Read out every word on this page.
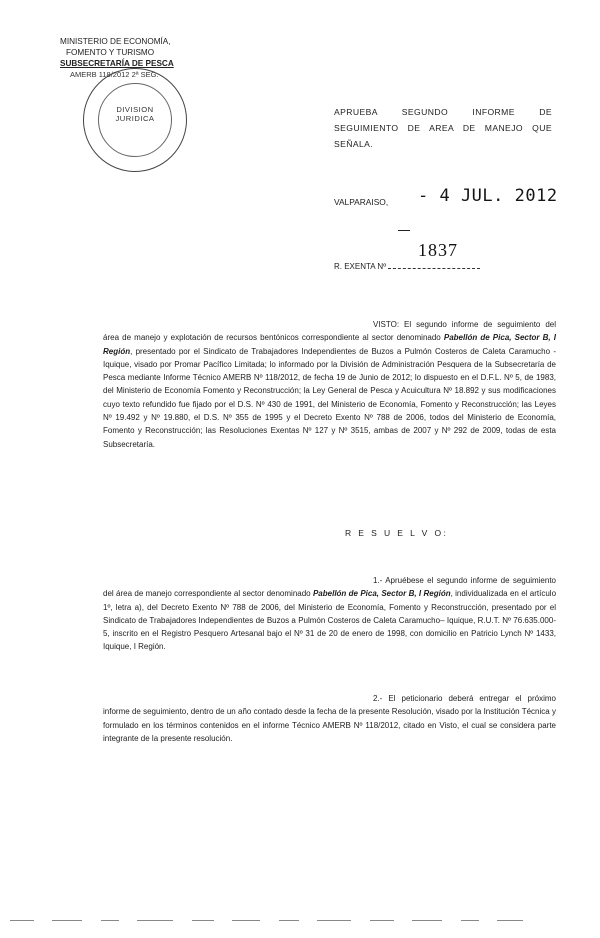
MINISTERIO DE ECONOMÍA,
FOMENTO Y TURISMO
SUBSECRETARÍA DE PESCA
AMERB 118/2012 2ª SEG.
DIVISION
JURIDICA
APRUEBA SEGUNDO INFORME DE SEGUIMIENTO DE AREA DE MANEJO QUE SEÑALA.
VALPARAISO, - 4 JUL. 2012
1837
R. EXENTA Nº
VISTO: El segundo informe de seguimiento del área de manejo y explotación de recursos bentónicos correspondiente al sector denominado Pabellón de Pica, Sector B, I Región, presentado por el Sindicato de Trabajadores Independientes de Buzos a Pulmón Costeros de Caleta Caramucho - Iquique, visado por Promar Pacífico Limitada; lo informado por la División de Administración Pesquera de la Subsecretaría de Pesca mediante Informe Técnico AMERB Nº 118/2012, de fecha 19 de Junio de 2012; lo dispuesto en el D.F.L. Nº 5, de 1983, del Ministerio de Economía Fomento y Reconstrucción; la Ley General de Pesca y Acuicultura Nº 18.892 y sus modificaciones cuyo texto refundido fue fijado por el D.S. Nº 430 de 1991, del Ministerio de Economía, Fomento y Reconstrucción; las Leyes Nº 19.492 y Nº 19.880, el D.S. Nº 355 de 1995 y el Decreto Exento Nº 788 de 2006, todos del Ministerio de Economía, Fomento y Reconstrucción; las Resoluciones Exentas Nº 127 y Nº 3515, ambas de 2007 y Nº 292 de 2009, todas de esta Subsecretaría.
R E S U E L V O:
1.- Apruébese el segundo informe de seguimiento del área de manejo correspondiente al sector denominado Pabellón de Pica, Sector B, I Región, individualizada en el artículo 1º, letra a), del Decreto Exento Nº 788 de 2006, del Ministerio de Economía, Fomento y Reconstrucción, presentado por el Sindicato de Trabajadores Independientes de Buzos a Pulmón Costeros de Caleta Caramucho– Iquique, R.U.T. Nº 76.635.000-5, inscrito en el Registro Pesquero Artesanal bajo el Nº 31 de 20 de enero de 1998, con domicilio en Patricio Lynch Nº 1433, Iquique, I Región.
2.- El peticionario deberá entregar el próximo informe de seguimiento, dentro de un año contado desde la fecha de la presente Resolución, visado por la Institución Técnica y formulado en los términos contenidos en el informe Técnico AMERB Nº 118/2012, citado en Visto, el cual se considera parte integrante de la presente resolución.
